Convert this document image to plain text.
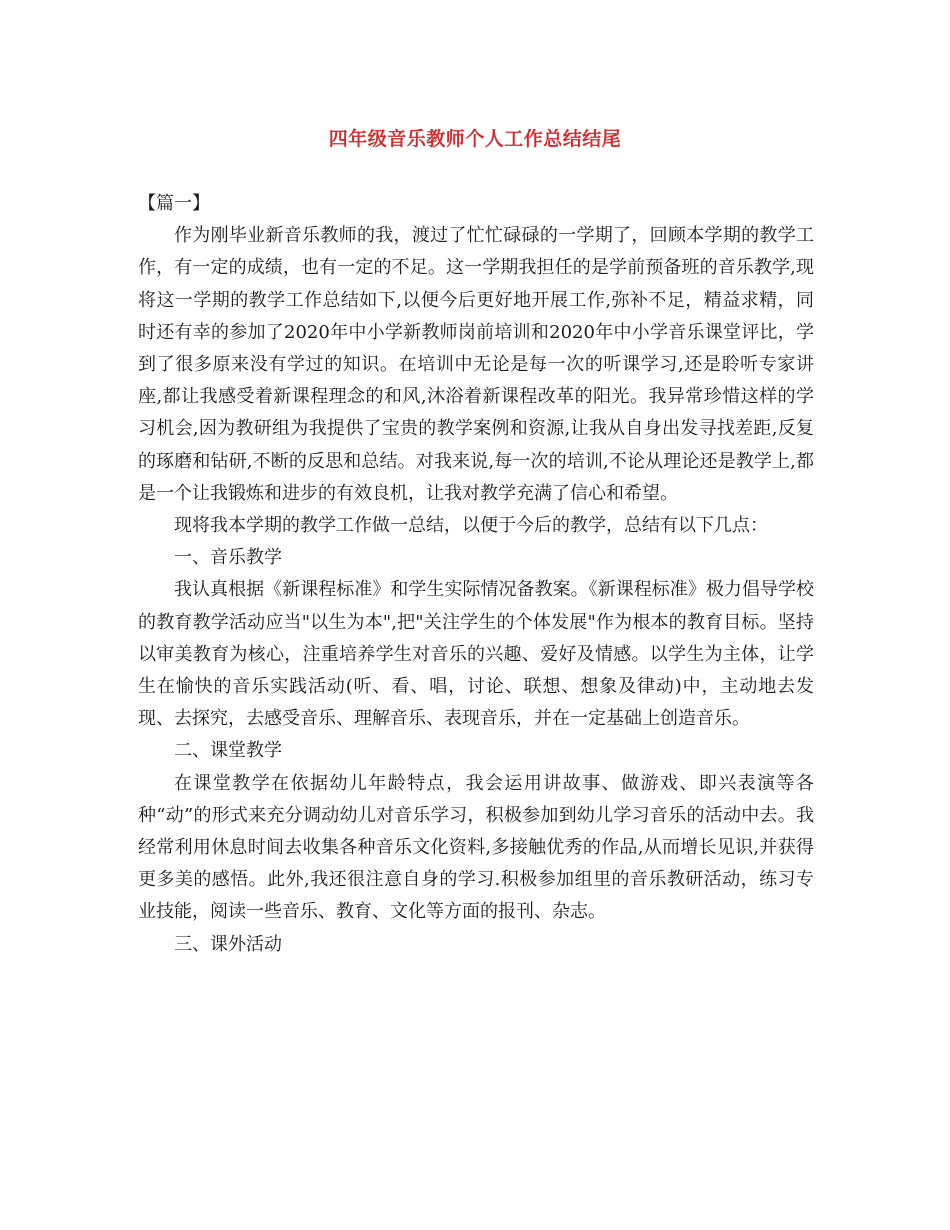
四年级音乐教师个人工作总结结尾

【篇一】

作为刚毕业新音乐教师的我，渡过了忙忙碌碌的一学期了，回顾本学期的教学工作，有一定的成绩，也有一定的不足。这一学期我担任的是学前预备班的音乐教学,现将这一学期的教学工作总结如下,以便今后更好地开展工作,弥补不足，精益求精，同时还有幸的参加了2020年中小学新教师岗前培训和2020年中小学音乐课堂评比，学到了很多原来没有学过的知识。在培训中无论是每一次的听课学习,还是聆听专家讲座,都让我感受着新课程理念的和风,沐浴着新课程改革的阳光。我异常珍惜这样的学习机会,因为教研组为我提供了宝贵的教学案例和资源,让我从自身出发寻找差距,反复的琢磨和钻研,不断的反思和总结。对我来说,每一次的培训,不论从理论还是教学上,都是一个让我锻炼和进步的有效良机，让我对教学充满了信心和希望。

现将我本学期的教学工作做一总结，以便于今后的教学，总结有以下几点：

一、音乐教学

我认真根据《新课程标准》和学生实际情况备教案。《新课程标准》极力倡导学校的教育教学活动应当"以生为本",把"关注学生的个体发展"作为根本的教育目标。坚持以审美教育为核心，注重培养学生对音乐的兴趣、爱好及情感。以学生为主体，让学生在愉快的音乐实践活动(听、看、唱，讨论、联想、想象及律动)中，主动地去发现、去探究，去感受音乐、理解音乐、表现音乐，并在一定基础上创造音乐。

二、课堂教学

在课堂教学在依据幼儿年龄特点，我会运用讲故事、做游戏、即兴表演等各种“动”的形式来充分调动幼儿对音乐学习，积极参加到幼儿学习音乐的活动中去。我经常利用休息时间去收集各种音乐文化资料,多接触优秀的作品,从而增长见识,并获得更多美的感悟。此外,我还很注意自身的学习.积极参加组里的音乐教研活动，练习专业技能，阅读一些音乐、教育、文化等方面的报刊、杂志。

三、课外活动
